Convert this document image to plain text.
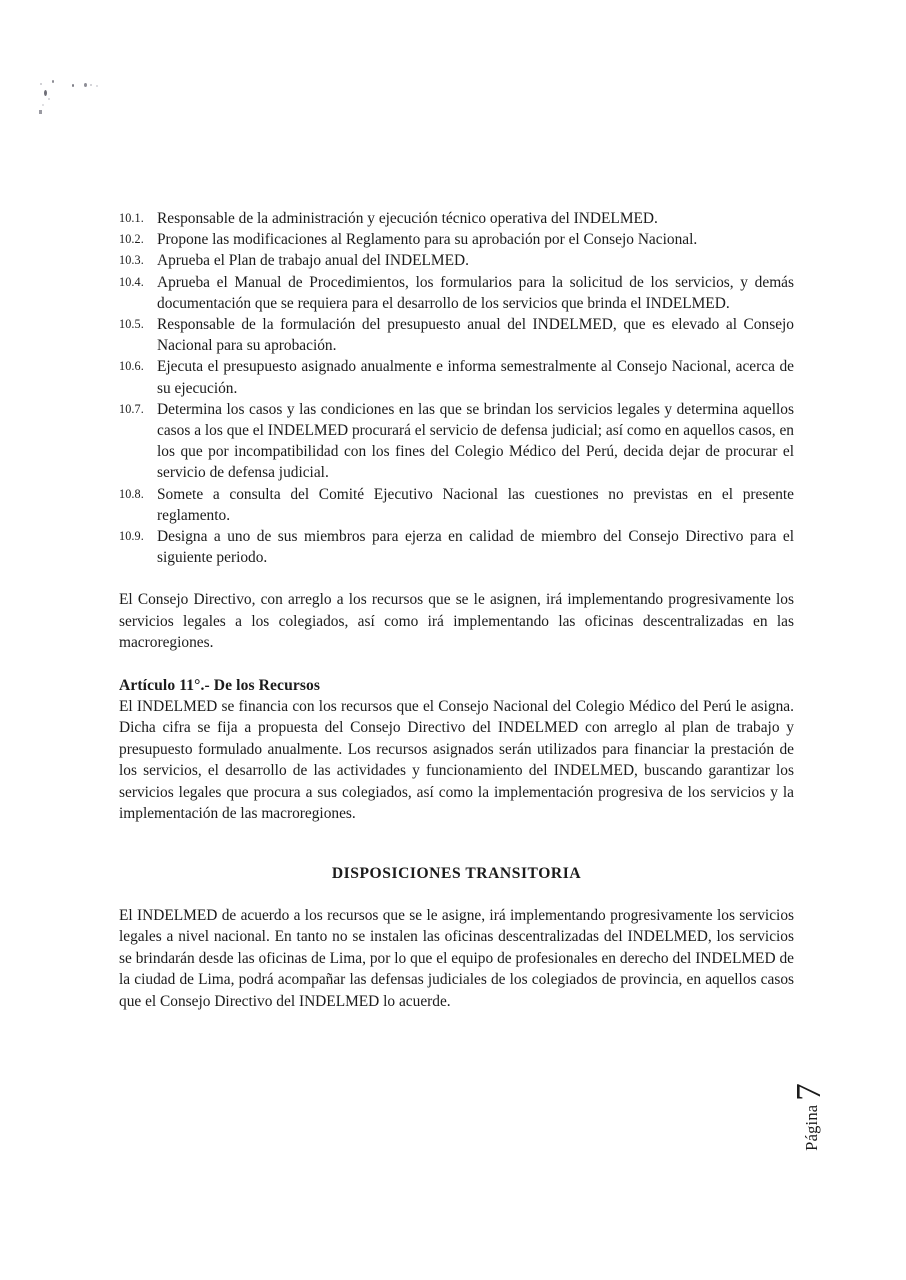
10.1. Responsable de la administración y ejecución técnico operativa del INDELMED.
10.2. Propone las modificaciones al Reglamento para su aprobación por el Consejo Nacional.
10.3. Aprueba el Plan de trabajo anual del INDELMED.
10.4. Aprueba el Manual de Procedimientos, los formularios para la solicitud de los servicios, y demás documentación que se requiera para el desarrollo de los servicios que brinda el INDELMED.
10.5. Responsable de la formulación del presupuesto anual del INDELMED, que es elevado al Consejo Nacional para su aprobación.
10.6. Ejecuta el presupuesto asignado anualmente e informa semestralmente al Consejo Nacional, acerca de su ejecución.
10.7. Determina los casos y las condiciones en las que se brindan los servicios legales y determina aquellos casos a los que el INDELMED procurará el servicio de defensa judicial; así como en aquellos casos, en los que por incompatibilidad con los fines del Colegio Médico del Perú, decida dejar de procurar el servicio de defensa judicial.
10.8. Somete a consulta del Comité Ejecutivo Nacional las cuestiones no previstas en el presente reglamento.
10.9. Designa a uno de sus miembros para ejerza en calidad de miembro del Consejo Directivo para el siguiente periodo.

El Consejo Directivo, con arreglo a los recursos que se le asignen, irá implementando progresivamente los servicios legales a los colegiados, así como irá implementando las oficinas descentralizadas en las macroregiones.

Artículo 11°.- De los Recursos

El INDELMED se financia con los recursos que el Consejo Nacional del Colegio Médico del Perú le asigna. Dicha cifra se fija a propuesta del Consejo Directivo del INDELMED con arreglo al plan de trabajo y presupuesto formulado anualmente. Los recursos asignados serán utilizados para financiar la prestación de los servicios, el desarrollo de las actividades y funcionamiento del INDELMED, buscando garantizar los servicios legales que procura a sus colegiados, así como la implementación progresiva de los servicios y la implementación de las macroregiones.

DISPOSICIONES TRANSITORIA

El INDELMED de acuerdo a los recursos que se le asigne, irá implementando progresivamente los servicios legales a nivel nacional. En tanto no se instalen las oficinas descentralizadas del INDELMED, los servicios se brindarán desde las oficinas de Lima, por lo que el equipo de profesionales en derecho del INDELMED de la ciudad de Lima, podrá acompañar las defensas judiciales de los colegiados de provincia, en aquellos casos que el Consejo Directivo del INDELMED lo acuerde.

Página
7
